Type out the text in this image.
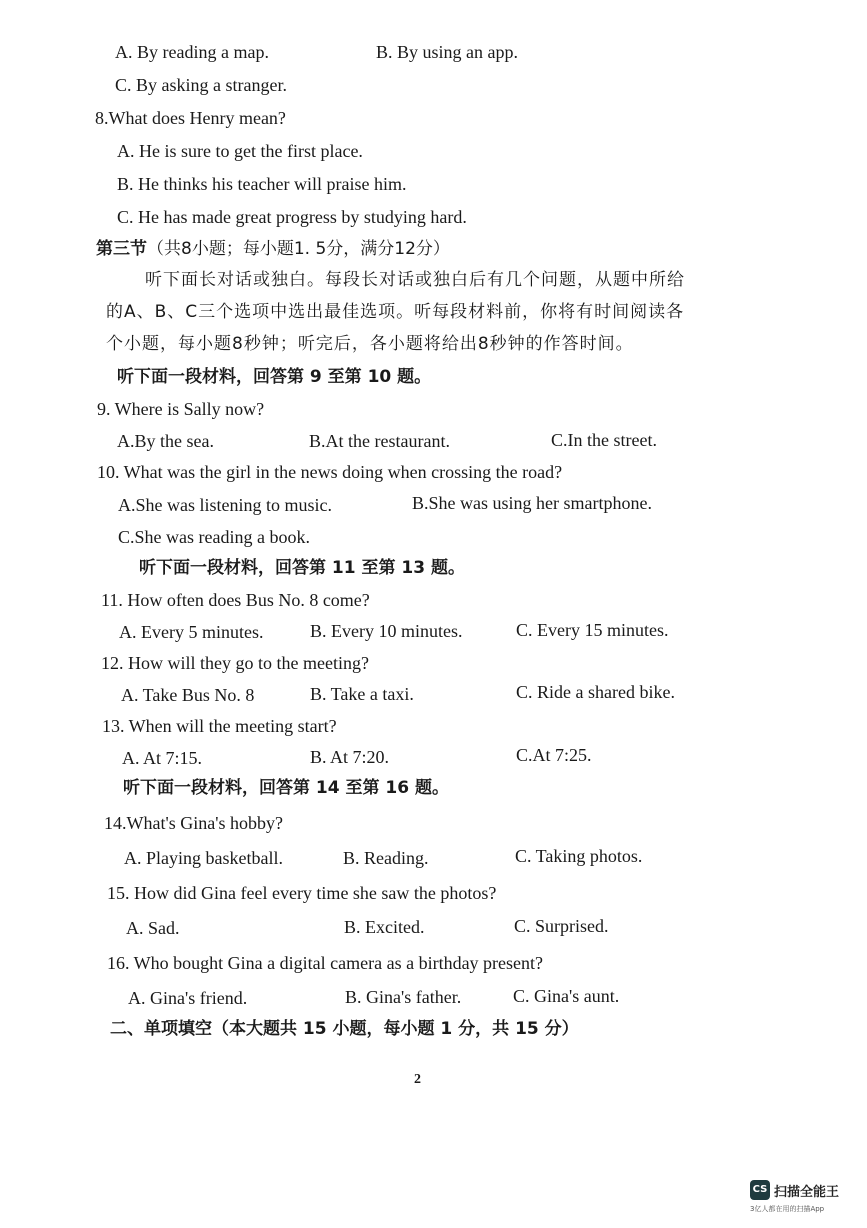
A. By reading a map.	B. By using an app.
C. By asking a stranger.
8.What does Henry mean?
A. He is sure to get the first place.
B. He thinks his teacher will praise him.
C. He has made great progress by studying hard.
第三节（共8小题；每小题1. 5分，满分12分）
听下面长对话或独白。每段长对话或独白后有几个问题，从题中所给
的A、B、C三个选项中选出最佳选项。听每段材料前，你将有时间阅读各
个小题，每小题8秒钟；听完后，各小题将给出8秒钟的作答时间。
听下面一段材料，回答第 9 至第 10 题。
9. Where is Sally now?
A.By the sea.	B.At the restaurant.	C.In the street.
10. What was the girl in the news doing when crossing the road?
A.She was listening to music.	B.She was using her smartphone.
C.She was reading a book.
听下面一段材料，回答第 11 至第 13 题。
11. How often does Bus No. 8 come?
A. Every 5 minutes.	B. Every 10 minutes.	C. Every 15 minutes.
12. How will they go to the meeting?
A. Take Bus No. 8	B. Take a taxi.	C. Ride a shared bike.
13. When will the meeting start?
A. At 7:15.	B. At 7:20.	C.At 7:25.
听下面一段材料，回答第 14 至第 16 题。
14.What's Gina's hobby?
A. Playing basketball.	B. Reading.	C. Taking photos.
15. How did Gina feel every time she saw the photos?
A. Sad.	B. Excited.	C. Surprised.
16. Who bought Gina a digital camera as a birthday present?
A. Gina's friend.	B. Gina's father.	C. Gina's aunt.
二、单项填空（本大题共 15 小题，每小题 1 分，共 15 分）
2
CS 扫描全能王
3亿人都在用的扫描App
